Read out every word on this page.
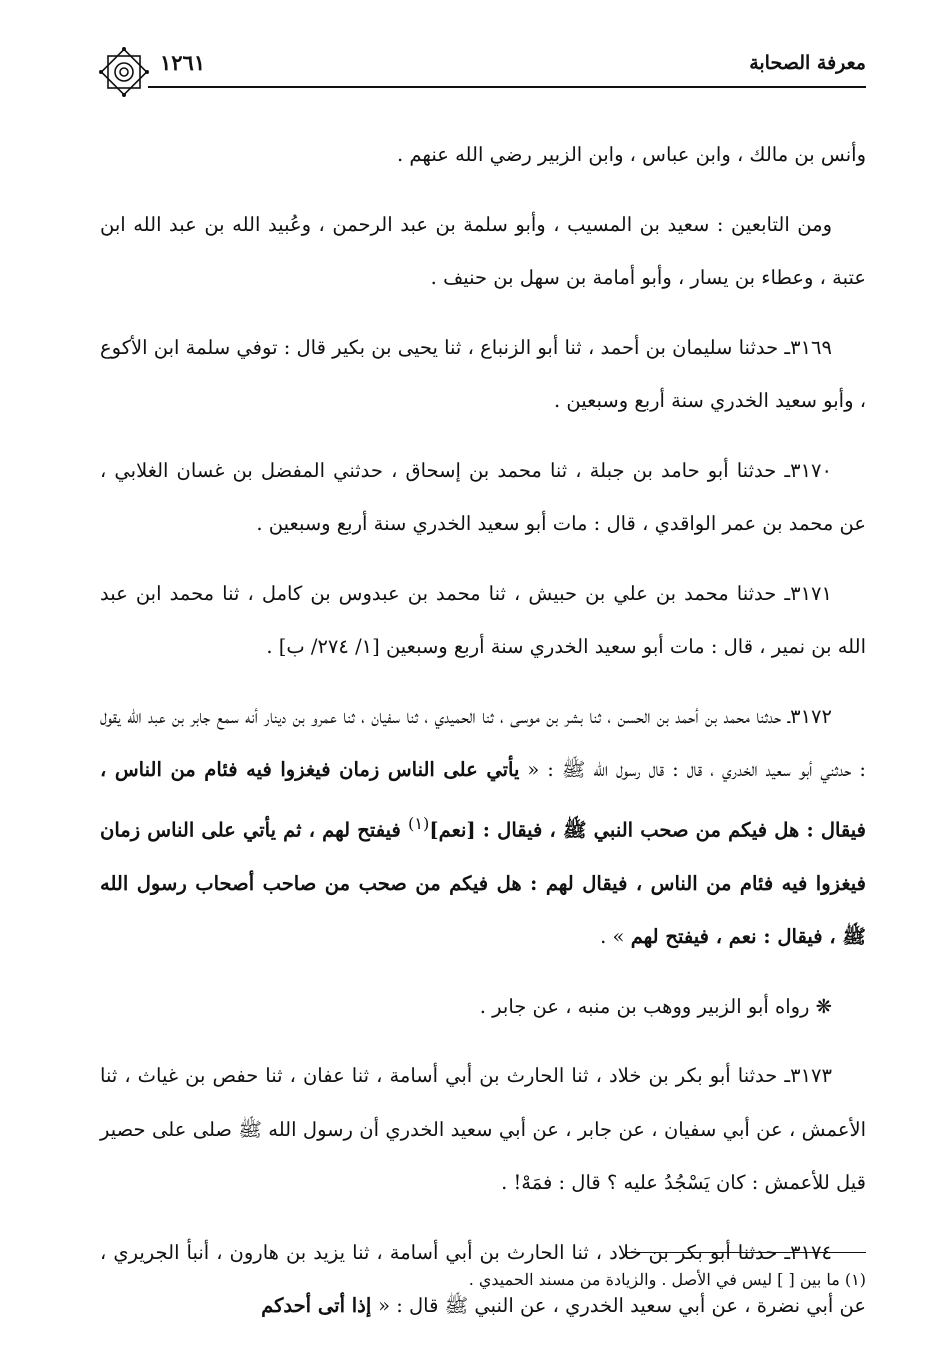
١٢٦١	معرفة الصحابة

وأنس بن مالك ، وابن عباس ، وابن الزبير رضي الله عنهم .

ومن التابعين : سعيد بن المسيب ، وأبو سلمة بن عبد الرحمن ، وعُبيد الله بن عبد الله ابن عتبة ، وعطاء بن يسار ، وأبو أمامة بن سهل بن حنيف .

٣١٦٩ـ حدثنا سليمان بن أحمد ، ثنا أبو الزنباع ، ثنا يحيى بن بكير قال : توفي سلمة ابن الأكوع ، وأبو سعيد الخدري سنة أربع وسبعين .

٣١٧٠ـ حدثنا أبو حامد بن جبلة ، ثنا محمد بن إسحاق ، حدثني المفضل بن غسان الغلابي ، عن محمد بن عمر الواقدي ، قال : مات أبو سعيد الخدري سنة أربع وسبعين .

٣١٧١ـ حدثنا محمد بن علي بن حبيش ، ثنا محمد بن عبدوس بن كامل ، ثنا محمد ابن عبد الله بن نمير ، قال : مات أبو سعيد الخدري سنة أربع وسبعين [١/ ٢٧٤/ ب] .

٣١٧٢ـ حدثنا محمد بن أحمد بن الحسن ، ثنا بشر بن موسى ، ثنا الحميدي ، ثنا سفيان ، ثنا عمرو بن دينار أنه سمع جابر بن عبد الله يقول : حدثني أبو سعيد الخدري ، قال : قال رسول الله ﷺ : « يأتي على الناس زمان فيغزوا فيه فئام من الناس ، فيقال : هل فيكم من صحب النبي ﷺ ، فيقال : [نعم]$^{(١)}$ فيفتح لهم ، ثم يأتي على الناس زمان فيغزوا فيه فئام من الناس ، فيقال لهم : هل فيكم من صحب من صاحب أصحاب رسول الله ﷺ ، فيقال : نعم ، فيفتح لهم » .

❋ رواه أبو الزبير ووهب بن منبه ، عن جابر .

٣١٧٣ـ حدثنا أبو بكر بن خلاد ، ثنا الحارث بن أبي أسامة ، ثنا عفان ، ثنا حفص بن غياث ، ثنا الأعمش ، عن أبي سفيان ، عن جابر ، عن أبي سعيد الخدري أن رسول الله ﷺ صلى على حصير قيل للأعمش : كان يَسْجُدُ عليه ؟ قال : فمَهْ! .

٣١٧٤ـ حدثنا أبو بكر بن خلاد ، ثنا الحارث بن أبي أسامة ، ثنا يزيد بن هارون ، أنبأ الجريري ، عن أبي نضرة ، عن أبي سعيد الخدري ، عن النبي ﷺ قال : « إذا أتى أحدكم

(١) ما بين [ ] ليس في الأصل . والزيادة من مسند الحميدي .
